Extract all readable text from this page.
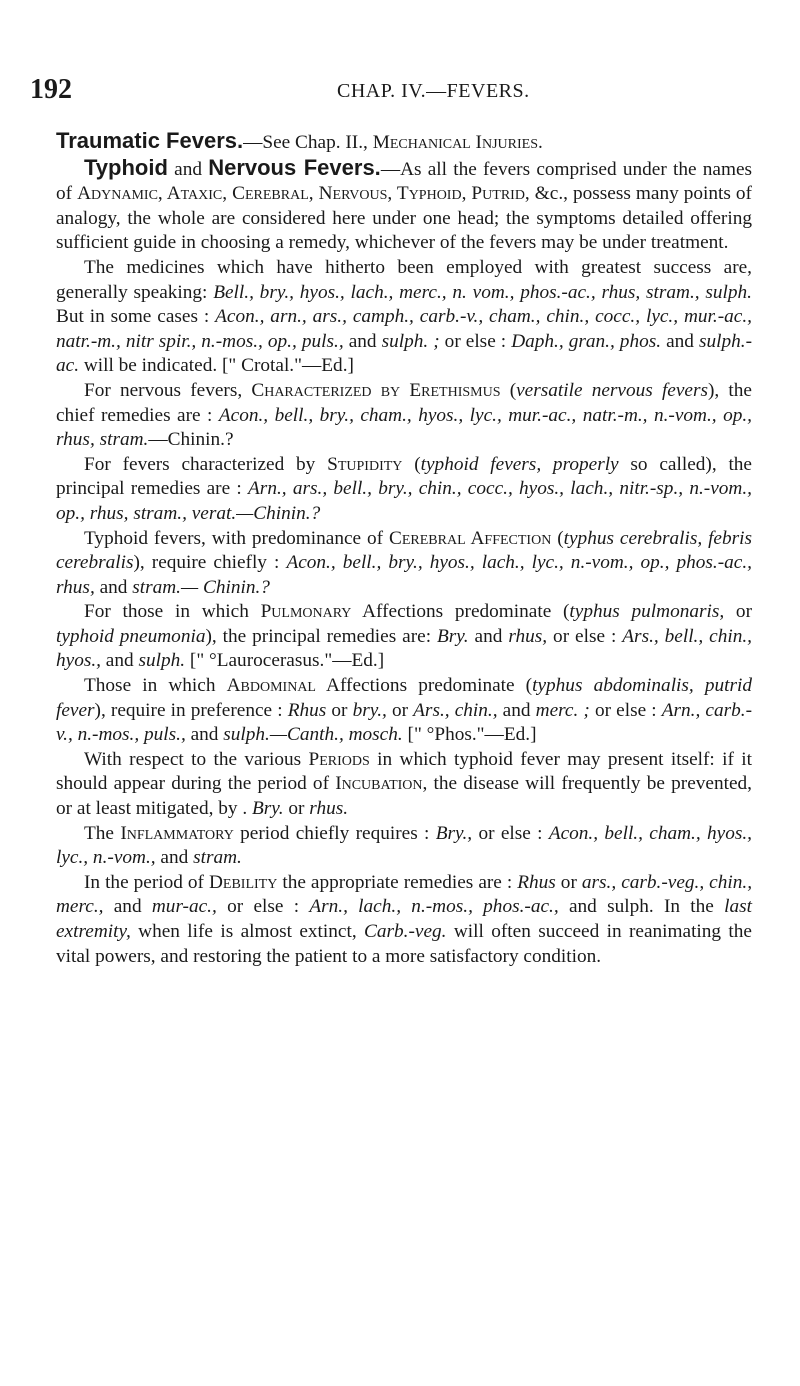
192	CHAP. IV.—FEVERS.

Traumatic Fevers.—See Chap. II., Mechanical Injuries.

Typhoid and Nervous Fevers.—As all the fevers comprised under the names of Adynamic, Ataxic, Cerebral, Nervous, Typhoid, Putrid, &c., possess many points of analogy, the whole are considered here under one head; the symptoms detailed offering sufficient guide in choosing a remedy, whichever of the fevers may be under treatment.

The medicines which have hitherto been employed with greatest success are, generally speaking: Bell., bry., hyos., lach., merc., n. vom., phos.-ac., rhus, stram., sulph. But in some cases : Acon., arn., ars., camph., carb.-v., cham., chin., cocc., lyc., mur.-ac., natr.-m., nitr spir., n.-mos., op., puls., and sulph. ; or else : Daph., gran., phos. and sulph.-ac. will be indicated. [" Crotal."—Ed.]

For nervous fevers, Characterized by Erethismus (versatile nervous fevers), the chief remedies are : Acon., bell., bry., cham., hyos., lyc., mur.-ac., natr.-m., n.-vom., op., rhus, stram.—Chinin.?

For fevers characterized by Stupidity (typhoid fevers, properly so called), the principal remedies are : Arn., ars., bell., bry., chin., cocc., hyos., lach., nitr.-sp., n.-vom., op., rhus, stram., verat.—Chinin.?

Typhoid fevers, with predominance of Cerebral Affection (typhus cerebralis, febris cerebralis), require chiefly : Acon., bell., bry., hyos., lach., lyc., n.-vom., op., phos.-ac., rhus, and stram.— Chinin.?

For those in which Pulmonary Affections predominate (typhus pulmonaris, or typhoid pneumonia), the principal remedies are: Bry. and rhus, or else : Ars., bell., chin., hyos., and sulph. [" °Laurocerasus."—Ed.]

Those in which Abdominal Affections predominate (typhus abdominalis, putrid fever), require in preference : Rhus or bry., or Ars., chin., and merc. ; or else : Arn., carb.-v., n.-mos., puls., and sulph.—Canth., mosch. [" °Phos."—Ed.]

With respect to the various Periods in which typhoid fever may present itself: if it should appear during the period of Incubation, the disease will frequently be prevented, or at least mitigated, by . Bry. or rhus.

The Inflammatory period chiefly requires : Bry., or else : Acon., bell., cham., hyos., lyc., n.-vom., and stram.

In the period of Debility the appropriate remedies are : Rhus or ars., carb.-veg., chin., merc., and mur-ac., or else : Arn., lach., n.-mos., phos.-ac., and sulph. In the last extremity, when life is almost extinct, Carb.-veg. will often succeed in reanimating the vital powers, and restoring the patient to a more satisfactory condition.
